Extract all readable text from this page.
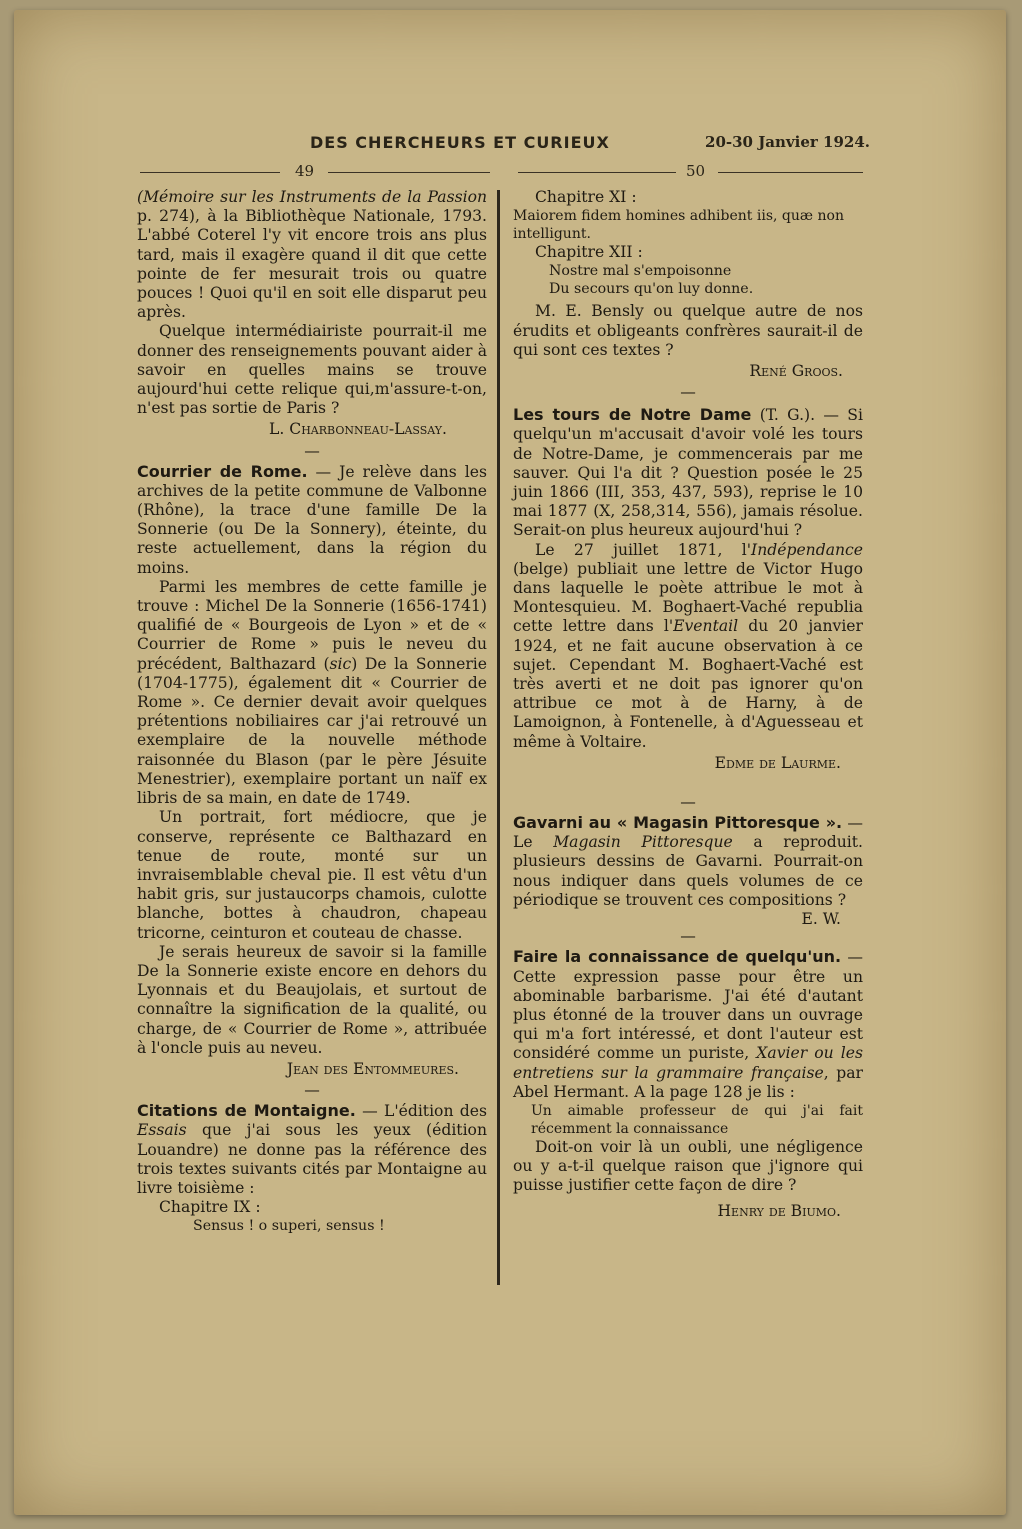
DES CHERCHEURS ET CURIEUX	20-30 Janvier 1924.
49	50

(Mémoire sur les Instruments de la Passion p. 274), à la Bibliothèque Nationale, 1793. L'abbé Coterel l'y vit encore trois ans plus tard, mais il exagère quand il dit que cette pointe de fer mesurait trois ou quatre pouces ! Quoi qu'il en soit elle disparut peu après.

Quelque intermédiairiste pourrait-il me donner des renseignements pouvant aider à savoir en quelles mains se trouve aujourd'hui cette relique qui,m'assure-t-on, n'est pas sortie de Paris ?

L. Charbonneau-Lassay.
—

Courrier de Rome. — Je relève dans les archives de la petite commune de Valbonne (Rhône), la trace d'une famille De la Sonnerie (ou De la Sonnery), éteinte, du reste actuellement, dans la région du moins.

Parmi les membres de cette famille je trouve : Michel De la Sonnerie (1656-1741) qualifié de « Bourgeois de Lyon » et de « Courrier de Rome » puis le neveu du précédent, Balthazard (sic) De la Sonnerie (1704-1775), également dit « Courrier de Rome ». Ce dernier devait avoir quelques prétentions nobiliaires car j'ai retrouvé un exemplaire de la nouvelle méthode raisonnée du Blason (par le père Jésuite Menestrier), exemplaire portant un naïf ex libris de sa main, en date de 1749.

Un portrait, fort médiocre, que je conserve, représente ce Balthazard en tenue de route, monté sur un invraisemblable cheval pie. Il est vêtu d'un habit gris, sur justaucorps chamois, culotte blanche, bottes à chaudron, chapeau tricorne, ceinturon et couteau de chasse.

Je serais heureux de savoir si la famille De la Sonnerie existe encore en dehors du Lyonnais et du Beaujolais, et surtout de connaître la signification de la qualité, ou charge, de « Courrier de Rome », attribuée à l'oncle puis au neveu.

Jean des Entommeures.
—

Citations de Montaigne. — L'édition des Essais que j'ai sous les yeux (édition Louandre) ne donne pas la référence des trois textes suivants cités par Montaigne au livre toisième :

Chapitre IX :
Sensus ! o superi, sensus !
Chapitre XI :
Maiorem fidem homines adhibent iis, quæ non intelligunt.
Chapitre XII :
Nostre mal s'empoisonne
Du secours qu'on luy donne.

M. E. Bensly ou quelque autre de nos érudits et obligeants confrères saurait-il de qui sont ces textes ?

René Groos.
—

Les tours de Notre Dame (T. G.). — Si quelqu'un m'accusait d'avoir volé les tours de Notre-Dame, je commencerais par me sauver. Qui l'a dit ? Question posée le 25 juin 1866 (III, 353, 437, 593), reprise le 10 mai 1877 (X, 258,314, 556), jamais résolue. Serait-on plus heureux aujourd'hui ?

Le 27 juillet 1871, l'Indépendance (belge) publiait une lettre de Victor Hugo dans laquelle le poète attribue le mot à Montesquieu. M. Boghaert-Vaché republia cette lettre dans l'Eventail du 20 janvier 1924, et ne fait aucune observation à ce sujet. Cependant M. Boghaert-Vaché est très averti et ne doit pas ignorer qu'on attribue ce mot à de Harny, à de Lamoignon, à Fontenelle, à d'Aguesseau et même à Voltaire.

Edme de Laurme.
—

Gavarni au « Magasin Pittoresque ». — Le Magasin Pittoresque a reproduit. plusieurs dessins de Gavarni. Pourrait-on nous indiquer dans quels volumes de ce périodique se trouvent ces compositions ?
E. W.

—

Faire la connaissance de quelqu'un. — Cette expression passe pour être un abominable barbarisme. J'ai été d'autant plus étonné de la trouver dans un ouvrage qui m'a fort intéressé, et dont l'auteur est considéré comme un puriste, Xavier ou les entretiens sur la grammaire française, par Abel Hermant. A la page 128 je lis :

Un aimable professeur de qui j'ai fait récemment la connaissance

Doit-on voir là un oubli, une négligence ou y a-t-il quelque raison que j'ignore qui puisse justifier cette façon de dire ?

Henry de Biumo.
